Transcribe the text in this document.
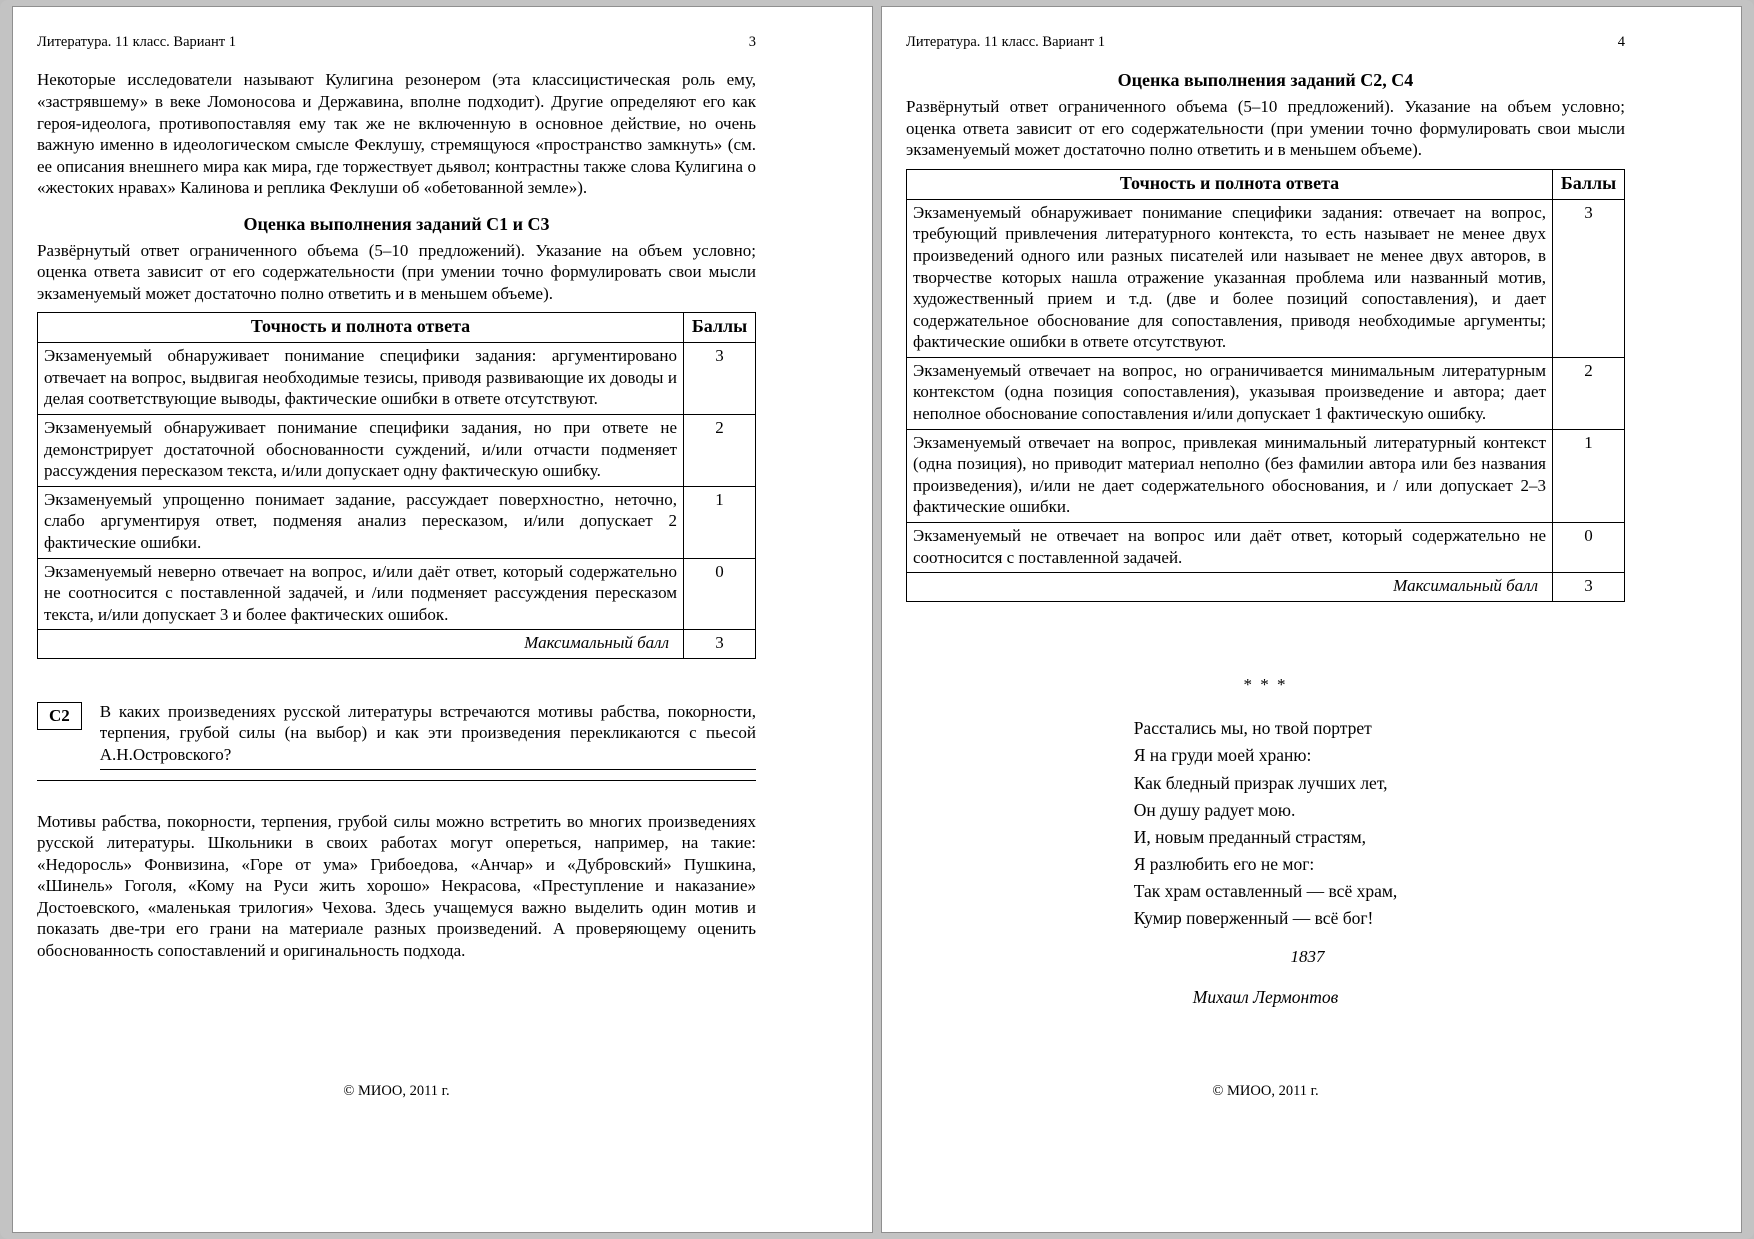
Литература. 11 класс. Вариант 1	3

Некоторые исследователи называют Кулигина резонером (эта классицистическая роль ему, «застрявшему» в веке Ломоносова и Державина, вполне подходит). Другие определяют его как героя-идеолога, противопоставляя ему так же не включенную в основное действие, но очень важную именно в идеологическом смысле Феклушу, стремящуюся «пространство замкнуть» (см. ее описания внешнего мира как мира, где торжествует дьявол; контрастны также слова Кулигина о «жестоких нравах» Калинова и реплика Феклуши об «обетованной земле»).

Оценка выполнения заданий С1 и С3

Развёрнутый ответ ограниченного объема (5–10 предложений). Указание на объем условно; оценка ответа зависит от его содержательности (при умении точно формулировать свои мысли экзаменуемый может достаточно полно ответить и в меньшем объеме).

Точность и полнота ответа	Баллы
Экзаменуемый обнаруживает понимание специфики задания: аргументировано отвечает на вопрос, выдвигая необходимые тезисы, приводя развивающие их доводы и делая соответствующие выводы, фактические ошибки в ответе отсутствуют.	3
Экзаменуемый обнаруживает понимание специфики задания, но при ответе не демонстрирует достаточной обоснованности суждений, и/или отчасти подменяет рассуждения пересказом текста, и/или допускает одну фактическую ошибку.	2
Экзаменуемый упрощенно понимает задание, рассуждает поверхностно, неточно, слабо аргументируя ответ, подменяя анализ пересказом, и/или допускает 2 фактические ошибки.	1
Экзаменуемый неверно отвечает на вопрос, и/или даёт ответ, который содержательно не соотносится с поставленной задачей, и /или подменяет рассуждения пересказом текста, и/или допускает 3 и более фактических ошибок.	0
Максимальный балл	3
С2	В каких произведениях русской литературы встречаются мотивы рабства, покорности, терпения, грубой силы (на выбор) и как эти произведения перекликаются с пьесой А.Н.Островского?

Мотивы рабства, покорности, терпения, грубой силы можно встретить во многих произведениях русской литературы. Школьники в своих работах могут опереться, например, на такие: «Недоросль» Фонвизина, «Горе от ума» Грибоедова, «Анчар» и «Дубровский» Пушкина, «Шинель» Гоголя, «Кому на Руси жить хорошо» Некрасова, «Преступление и наказание» Достоевского, «маленькая трилогия» Чехова. Здесь учащемуся важно выделить один мотив и показать две-три его грани на материале разных произведений. А проверяющему оценить обоснованность сопоставлений и оригинальность подхода.

© МИОО, 2011 г.
Литература. 11 класс. Вариант 1	4
Оценка выполнения заданий С2, С4

Развёрнутый ответ ограниченного объема (5–10 предложений). Указание на объем условно; оценка ответа зависит от его содержательности (при умении точно формулировать свои мысли экзаменуемый может достаточно полно ответить и в меньшем объеме).

Точность и полнота ответа	Баллы
Экзаменуемый обнаруживает понимание специфики задания: отвечает на вопрос, требующий привлечения литературного контекста, то есть называет не менее двух произведений одного или разных писателей или называет не менее двух авторов, в творчестве которых нашла отражение указанная проблема или названный мотив, художественный прием и т.д. (две и более позиций сопоставления), и дает содержательное обоснование для сопоставления, приводя необходимые аргументы; фактические ошибки в ответе отсутствуют.	3
Экзаменуемый отвечает на вопрос, но ограничивается минимальным литературным контекстом (одна позиция сопоставления), указывая произведение и автора; дает неполное обоснование сопоставления и/или допускает 1 фактическую ошибку.	2
Экзаменуемый отвечает на вопрос, привлекая минимальный литературный контекст (одна позиция), но приводит материал неполно (без фамилии автора или без названия произведения), и/или не дает содержательного обоснования, и / или допускает 2–3 фактические ошибки.	1
Экзаменуемый не отвечает на вопрос или даёт ответ, который содержательно не соотносится с поставленной задачей.	0
Максимальный балл	3
* * *
Расстались мы, но твой портрет
Я на груди моей храню:
Как бледный призрак лучших лет,
Он душу радует мою.
И, новым преданный страстям,
Я разлюбить его не мог:
Так храм оставленный — всё храм,
Кумир поверженный — всё бог!
1837
Михаил Лермонтов
© МИОО, 2011 г.
